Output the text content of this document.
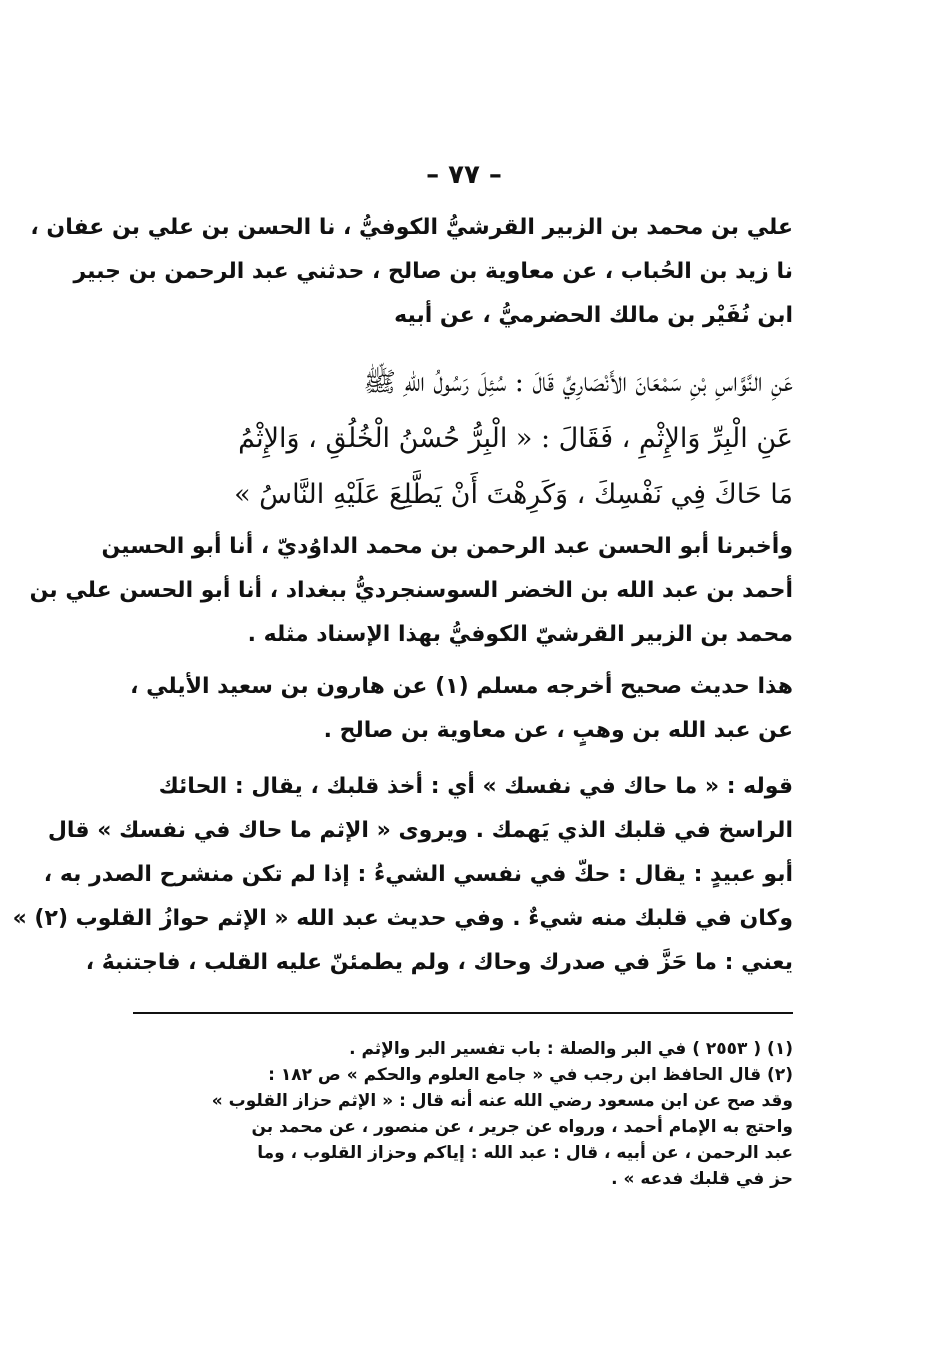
– ٧٧ –
علي بن محمد بن الزبير القرشيُّ الكوفيُّ ، نا الحسن بن علي بن عفان ،
نا زيد بن الحُباب ، عن معاوية بن صالح ، حدثني عبد الرحمن بن جبير
ابن نُفَيْر بن مالك الحضرميُّ ، عن أبيه
عَنِ النَّوَّاسِ بْنِ سَمْعَانَ الأَنْصَارِيِّ قَالَ : سُئِلَ رَسُولُ اللهِ ﷺ
عَنِ الْبِرِّ وَالإِثْمِ ، فَقَالَ : « الْبِرُّ حُسْنُ الْخُلُقِ ، وَالإِثْمُ
مَا حَاكَ فِي نَفْسِكَ ، وَكَرِهْتَ أَنْ يَطَّلِعَ عَلَيْهِ النَّاسُ »
وأخبرنا أبو الحسن عبد الرحمن بن محمد الداوُديّ ، أنا أبو الحسين
أحمد بن عبد الله بن الخضر السوسنجرديُّ ببغداد ، أنا أبو الحسن علي بن
محمد بن الزبير القرشيّ الكوفيُّ بهذا الإسناد مثله .
هذا حديث صحيح أخرجه مسلم (١) عن هارون بن سعيد الأيلي ،
عن عبد الله بن وهبٍ ، عن معاوية بن صالح .
قوله : « ما حاك في نفسك » أي : أخذ قلبك ، يقال : الحائك
الراسخ في قلبك الذي يَهمك . ويروى « الإثم ما حاك في نفسك » قال
أبو عبيدٍ : يقال : حكّ في نفسي الشيءُ : إذا لم تكن منشرح الصدر به ،
وكان في قلبك منه شيءٌ . وفي حديث عبد الله « الإثم حوازُ القلوب (٢) »
يعني : ما حَزَّ في صدرك وحاك ، ولم يطمئنّ عليه القلب ، فاجتنبهُ ،
(١) ( ٢٥٥٣ ) في البر والصلة : باب تفسير البر والإثم .
(٢) قال الحافظ ابن رجب في « جامع العلوم والحكم » ص ١٨٢ :
وقد صح عن ابن مسعود رضي الله عنه أنه قال : « الإثم حزاز القلوب »
واحتج به الإمام أحمد ، ورواه عن جرير ، عن منصور ، عن محمد بن
عبد الرحمن ، عن أبيه ، قال : عبد الله : إياكم وحزاز القلوب ، وما
حز في قلبك فدعه » .
